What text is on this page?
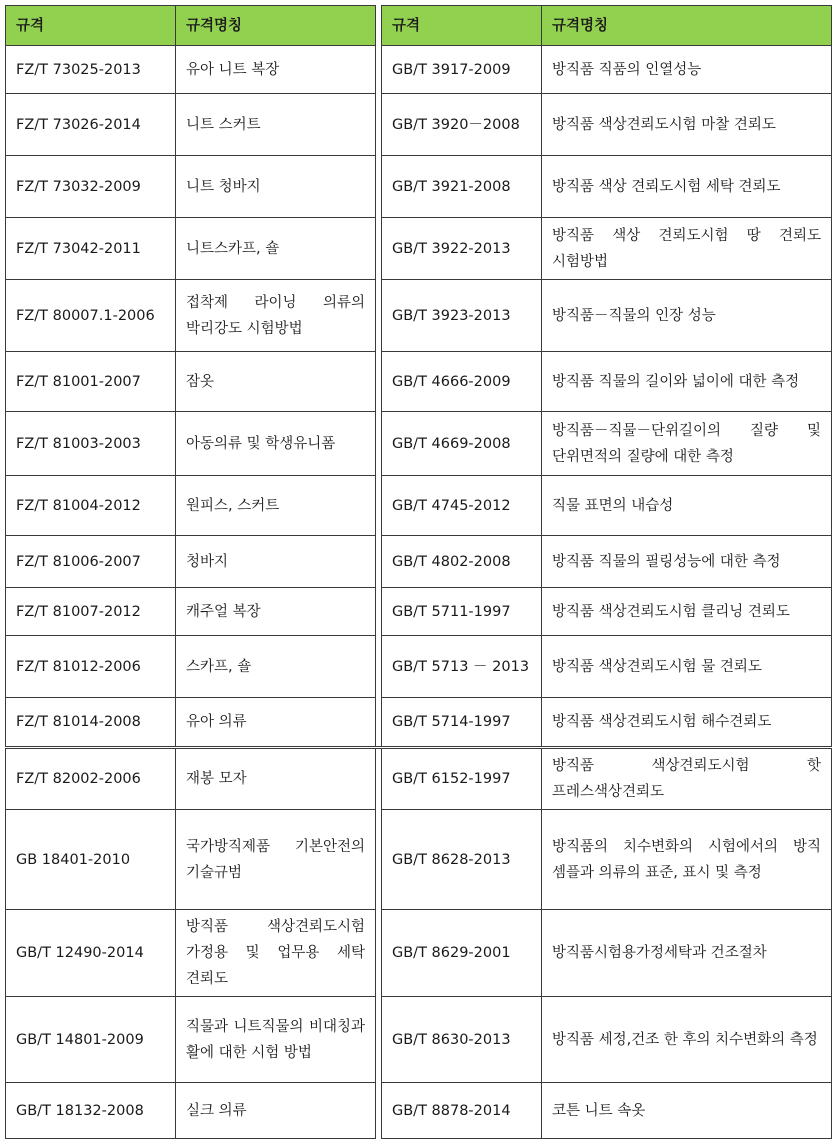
규격	규격명칭		규격	규격명칭
FZ/T 73025-2013	유아 니트 복장		GB/T 3917-2009	방직품 직품의 인열성능
FZ/T 73026-2014	니트 스커트		GB/T 3920－2008	방직품 색상견뢰도시험 마찰 견뢰도
FZ/T 73032-2009	니트 청바지		GB/T 3921-2008	방직품 색상 견뢰도시험 세탁 견뢰도
FZ/T 73042-2011	니트스카프, 숄		GB/T 3922-2013	방직품 색상 견뢰도시험 땅 견뢰도 시험방법
FZ/T 80007.1-2006	접착제 라이닝 의류의 박리강도 시험방법		GB/T 3923-2013	방직품－직물의 인장 성능
FZ/T 81001-2007	잠옷		GB/T 4666-2009	방직품 직물의 길이와 넓이에 대한 측정
FZ/T 81003-2003	아동의류 및 학생유니폼		GB/T 4669-2008	방직품－직물－단위길이의 질량 및 단위면적의 질량에 대한 측정
FZ/T 81004-2012	원피스, 스커트		GB/T 4745-2012	직물 표면의 내습성
FZ/T 81006-2007	청바지		GB/T 4802-2008	방직품 직물의 필링성능에 대한 측정
FZ/T 81007-2012	캐주얼 복장		GB/T 5711-1997	방직품 색상견뢰도시험 클리닝 견뢰도
FZ/T 81012-2006	스카프, 숄		GB/T 5713 － 2013	방직품 색상견뢰도시험 물 견뢰도
FZ/T 81014-2008	유아 의류		GB/T 5714-1997	방직품 색상견뢰도시험 해수견뢰도
FZ/T 82002-2006	재봉 모자		GB/T 6152-1997	방직품 색상견뢰도시험 핫 프레스색상견뢰도
GB 18401-2010	국가방직제품 기본안전의 기술규범		GB/T 8628-2013	방직품의 치수변화의 시험에서의 방직 셈플과 의류의 표준, 표시 및 측정
GB/T 12490-2014	방직품 색상견뢰도시험 가정용 및 업무용 세탁 견뢰도		GB/T 8629-2001	방직품시험용가정세탁과 건조절차
GB/T 14801-2009	직물과 니트직물의 비대칭과 활에 대한 시험 방법		GB/T 8630-2013	방직품 세정,건조 한 후의 치수변화의 측정
GB/T 18132-2008	실크 의류		GB/T 8878-2014	코튼 니트 속옷
